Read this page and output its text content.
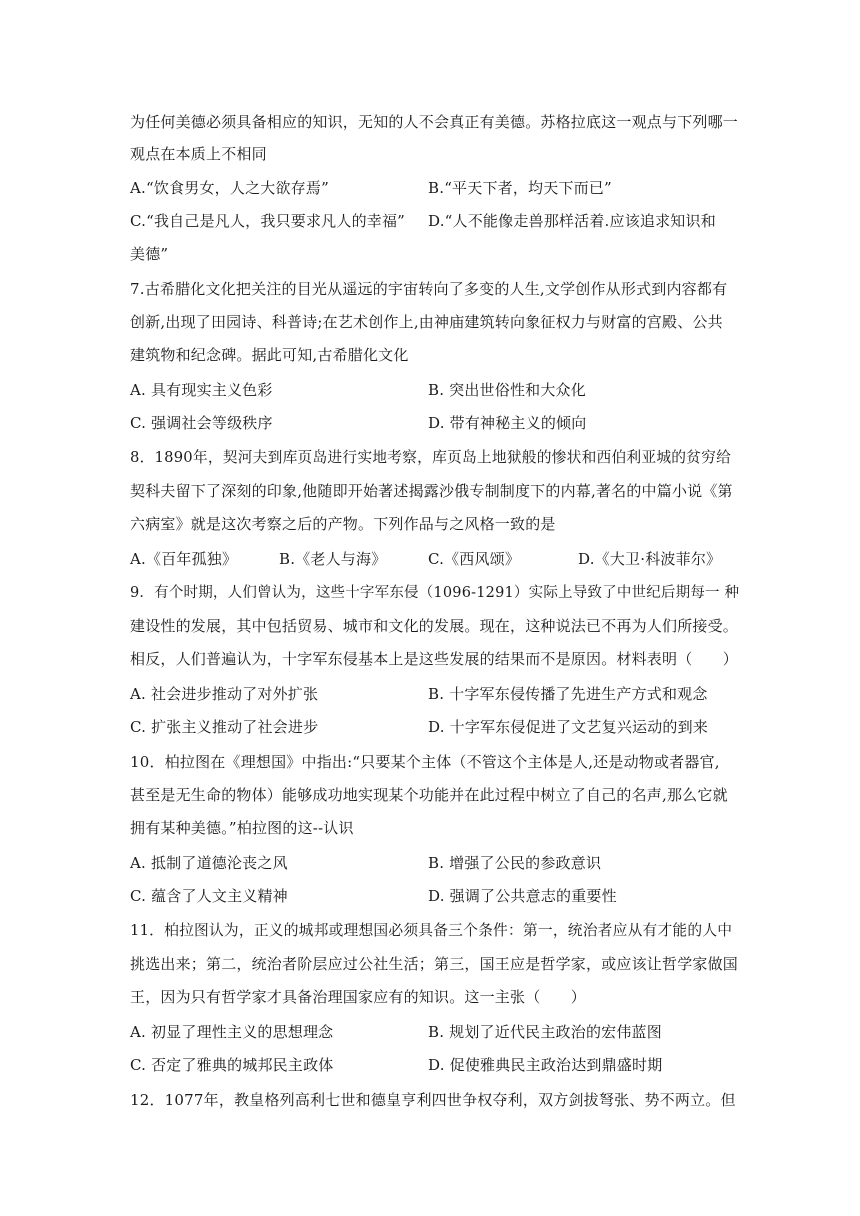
为任何美德必须具备相应的知识，无知的人不会真正有美德。苏格拉底这一观点与下列哪一
观点在本质上不相同
A.“饮食男女，人之大欲存焉”	B.“平天下者，均天下而已”
C.“我自己是凡人，我只要求凡人的幸福” D.“人不能像走兽那样活着.应该追求知识和
美德”
7.古希腊化文化把关注的目光从遥远的宇宙转向了多变的人生,文学创作从形式到内容都有
创新,出现了田园诗、科普诗;在艺术创作上,由神庙建筑转向象征权力与财富的宫殿、公共
建筑物和纪念碑。据此可知,古希腊化文化
A. 具有现实主义色彩	B. 突出世俗性和大众化
C. 强调社会等级秩序	D. 带有神秘主义的倾向
8．1890年，契河夫到库页岛进行实地考察，库页岛上地狱般的惨状和西伯利亚城的贫穷给
契科夫留下了深刻的印象,他随即开始著述揭露沙俄专制制度下的内幕,著名的中篇小说《第
六病室》就是这次考察之后的产物。下列作品与之风格一致的是
A.《百年孤独》	B.《老人与海》	C.《西风颂》	D.《大卫·科波菲尔》
9．有个时期，人们曾认为，这些十字军东侵（1096-1291）实际上导致了中世纪后期每一 种
建设性的发展，其中包括贸易、城市和文化的发展。现在，这种说法已不再为人们所接受。
相反，人们普遍认为，十字军东侵基本上是这些发展的结果而不是原因。材料表明（　　）
A. 社会进步推动了对外扩张	B. 十字军东侵传播了先进生产方式和观念
C. 扩张主义推动了社会进步	D. 十字军东侵促进了文艺复兴运动的到来
10．柏拉图在《理想国》中指出:“只要某个主体（不管这个主体是人,还是动物或者器官,
甚至是无生命的物体）能够成功地实现某个功能并在此过程中树立了自己的名声,那么它就
拥有某种美德。”柏拉图的这--认识
A. 抵制了道德沦丧之风	B. 增强了公民的参政意识
C. 蕴含了人文主义精神	D. 强调了公共意志的重要性
11．柏拉图认为，正义的城邦或理想国必须具备三个条件：第一，统治者应从有才能的人中
挑选出来；第二，统治者阶层应过公社生活；第三，国王应是哲学家，或应该让哲学家做国
王，因为只有哲学家才具备治理国家应有的知识。这一主张（　　）
A. 初显了理性主义的思想理念	B. 规划了近代民主政治的宏伟蓝图
C. 否定了雅典的城邦民主政体	D. 促使雅典民主政治达到鼎盛时期
12．1077年，教皇格列高利七世和德皇亨利四世争权夺利，双方剑拔弩张、势不两立。但
